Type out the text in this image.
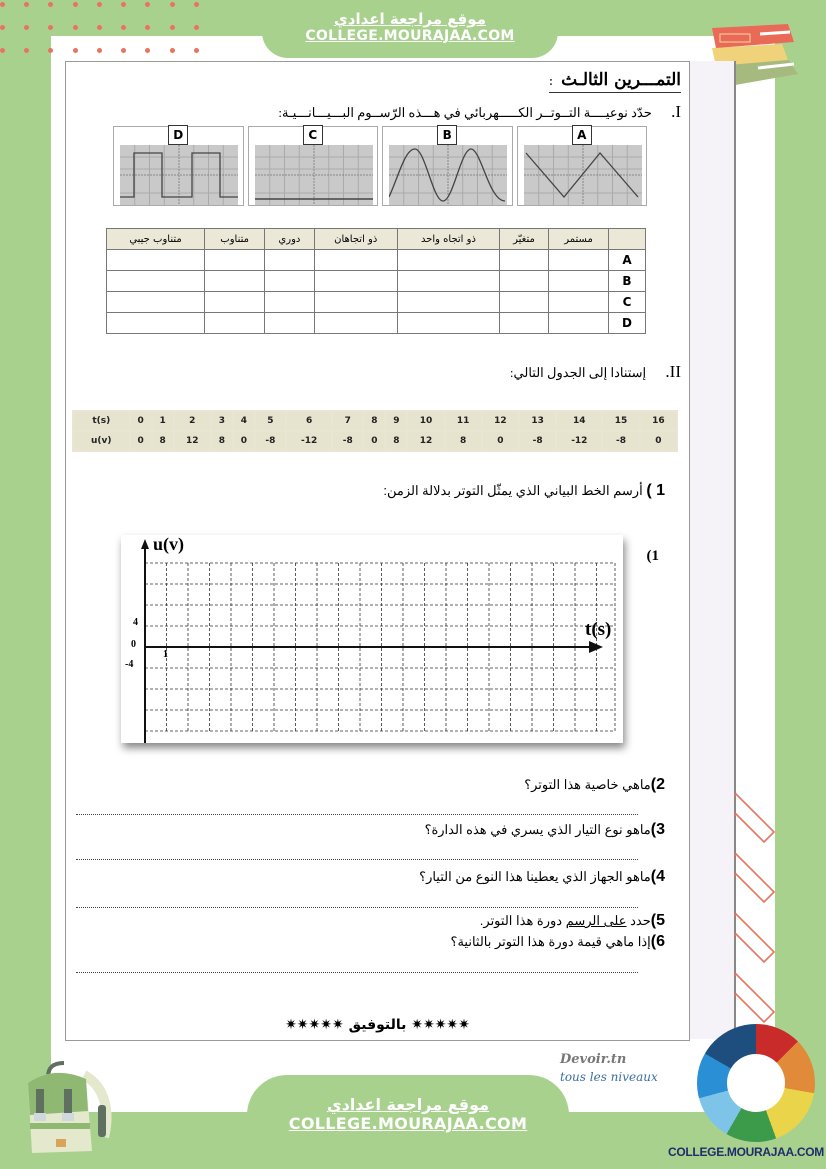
موقع مراجعة اعدادي
COLLEGE.MOURAJAA.COM
التمـــرين الثالـث:
I. حدّد نوعيــــة التــوتــر الكـــــهربائي في هـــذه الرّســوم البـــيـــانـــيـة:
A
B
C
D
	مستمر	متغيّر	ذو اتجاه واحد	ذو اتجاهان	دوري	متناوب	متناوب جيبي
A							
B							
C							
D							
II. إستنادا إلى الجدول التالي:
t(s)	0	1	2	3	4	5	6	7	8	9	10	11	12	13	14	15	16
u(v)	0	8	12	8	0	-8	-12	-8	0	8	12	8	0	-8	-12	-8	0
1 ) أرسم الخط البياني الذي يمثّل التوتر بدلالة الزمن:
(1
u(v)
t(s)
4
0
-4
1
2)ماهي خاصية هذا التوتر؟
3)ماهو نوع التيار الذي يسري في هذه الدارة؟
4)ماهو الجهاز الذي يعطينا هذا النوع من التيار؟
5)حدد على الرسم دورة هذا التوتر.
6)إذا ماهي قيمة دورة هذا التوتر بالثانية؟
✷✷✷✷✷ بالتوفيق ✷✷✷✷✷
Devoir.tn
tous les niveaux
موقع مراجعة اعدادي
COLLEGE.MOURAJAA.COM
COLLEGE.MOURAJAA.COM
